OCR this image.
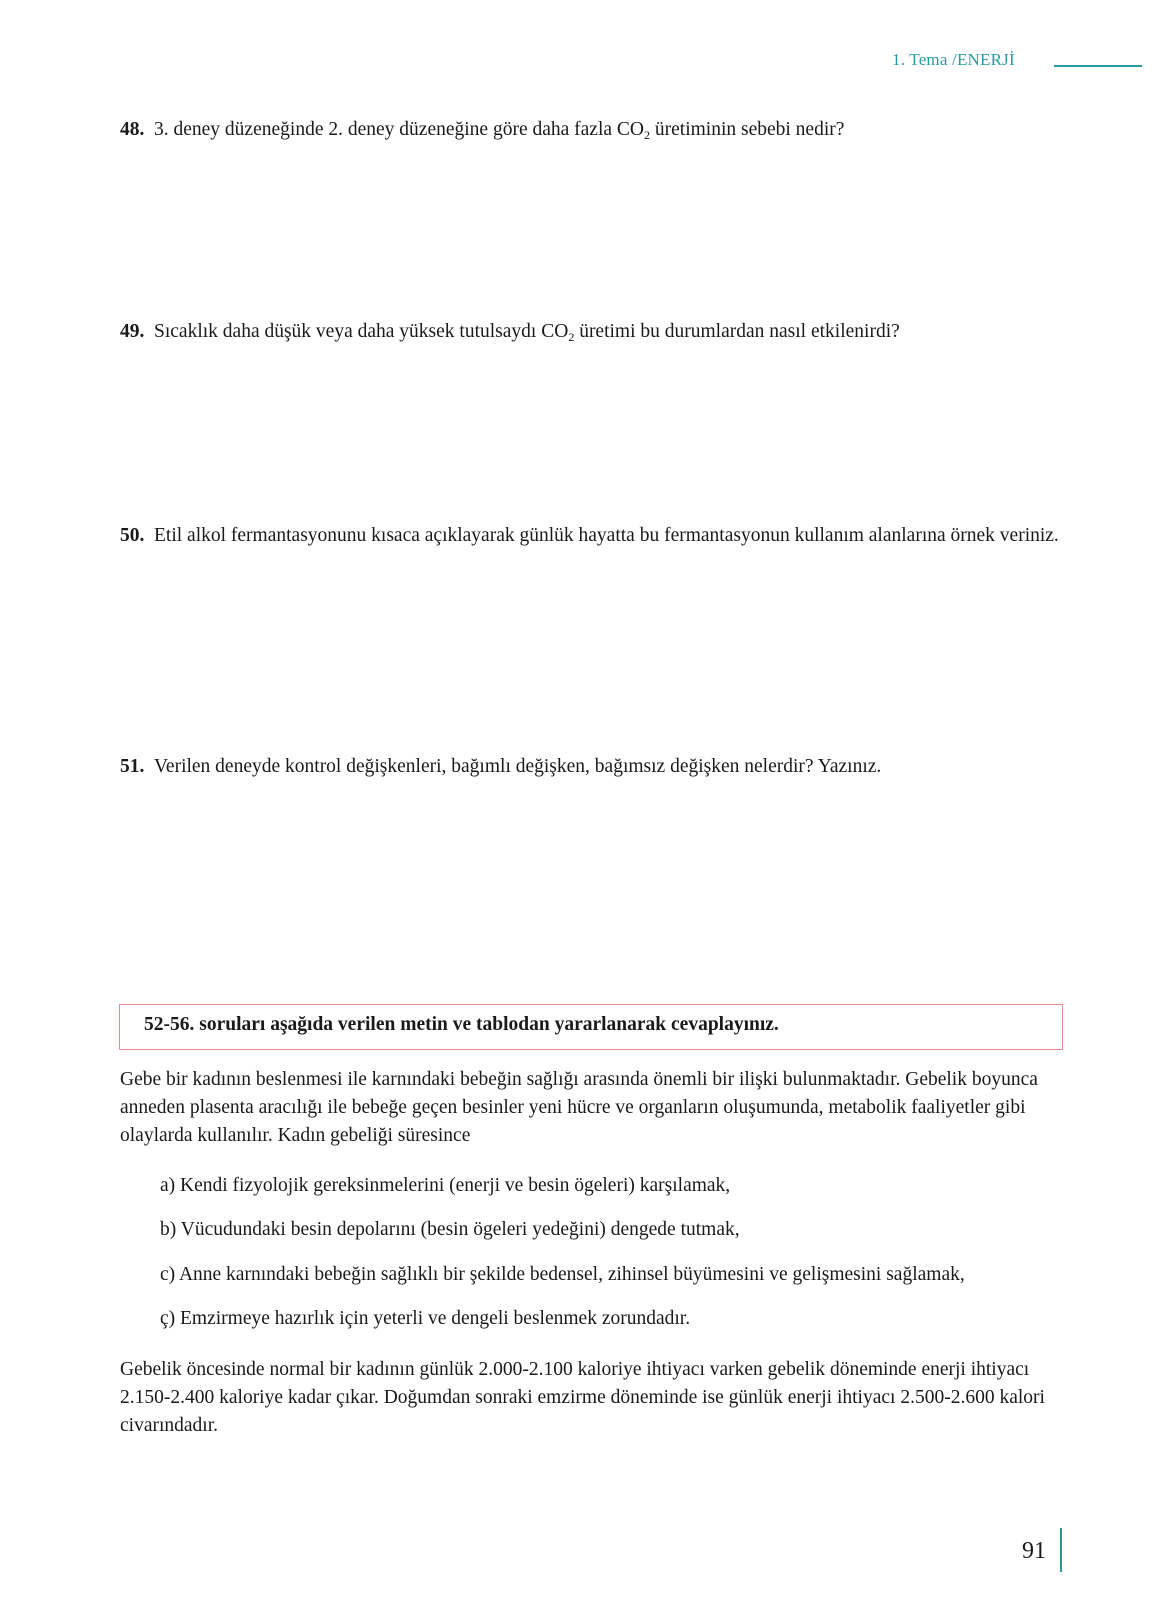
1. Tema /ENERJİ
48. 3. deney düzeneğinde 2. deney düzeneğine göre daha fazla $CO_2$ üretiminin sebebi nedir?
49. Sıcaklık daha düşük veya daha yüksek tutulsaydı $CO_2$ üretimi bu durumlardan nasıl etkilenirdi?
50. Etil alkol fermantasyonunu kısaca açıklayarak günlük hayatta bu fermantasyonun kullanım alanlarına örnek veriniz.
51. Verilen deneyde kontrol değişkenleri, bağımlı değişken, bağımsız değişken nelerdir? Yazınız.
52-56. soruları aşağıda verilen metin ve tablodan yararlanarak cevaplayınız.
Gebe bir kadının beslenmesi ile karnındaki bebeğin sağlığı arasında önemli bir ilişki bulunmaktadır. Gebelik boyunca anneden plasenta aracılığı ile bebeğe geçen besinler yeni hücre ve organların oluşumunda, metabolik faaliyetler gibi olaylarda kullanılır. Kadın gebeliği süresince
a) Kendi fizyolojik gereksinmelerini (enerji ve besin ögeleri) karşılamak,
b) Vücudundaki besin depolarını (besin ögeleri yedeğini) dengede tutmak,
c) Anne karnındaki bebeğin sağlıklı bir şekilde bedensel, zihinsel büyümesini ve gelişmesini sağlamak,
ç) Emzirmeye hazırlık için yeterli ve dengeli beslenmek zorundadır.
Gebelik öncesinde normal bir kadının günlük 2.000-2.100 kaloriye ihtiyacı varken gebelik döneminde enerji ihtiyacı 2.150-2.400 kaloriye kadar çıkar. Doğumdan sonraki emzirme döneminde ise günlük enerji ihtiyacı 2.500-2.600 kalori civarındadır.
91
